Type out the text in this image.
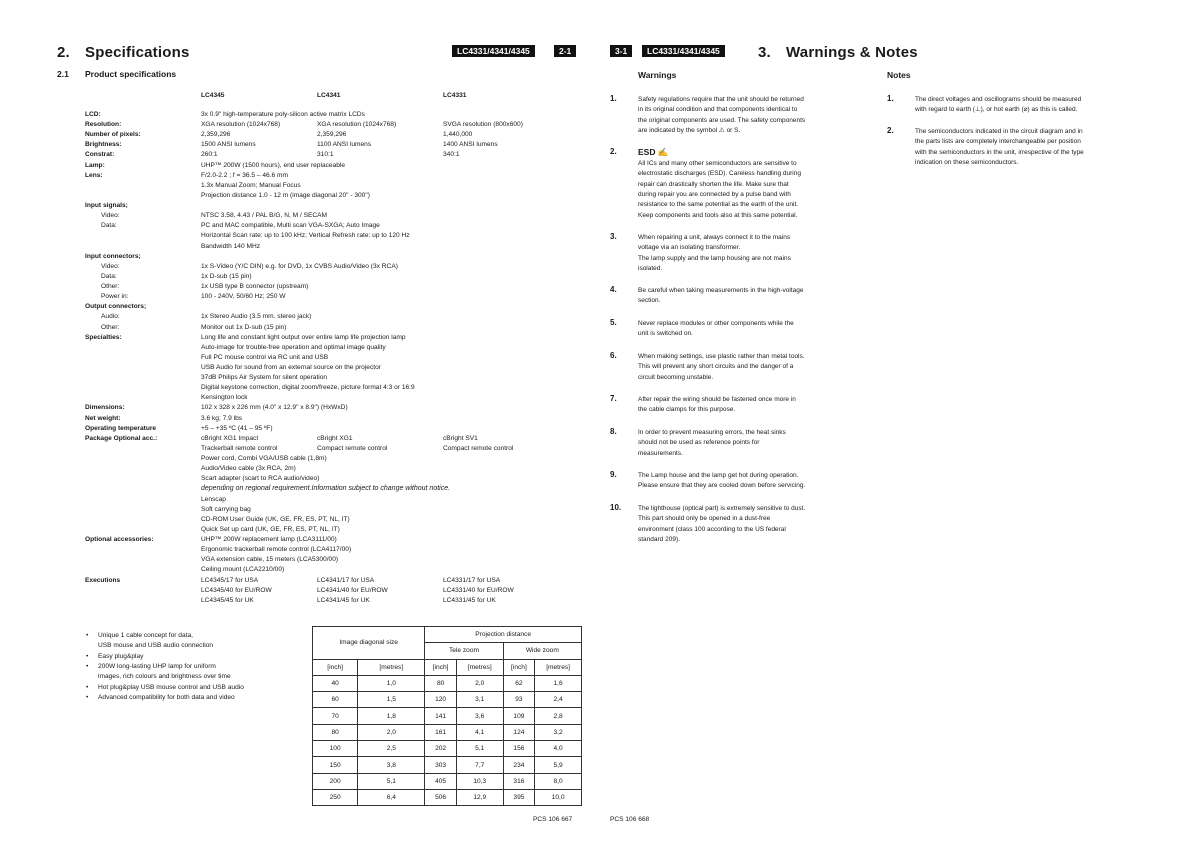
2. Specifications	LC4331/4341/4345	2-1
2.1 Product specifications
LC4345	LC4341	LC4331
LCD:	3x 0.9" high-temperature poly-silicon active matrix LCDs
Resolution:	XGA resolution (1024x768)	XGA resolution (1024x768)	SVGA resolution (800x600)
Number of pixels:	2,359,296	2,359,296	1,440,000
Brightness:	1500 ANSI lumens	1100 ANSI lumens	1400 ANSI lumens
Constrat:	260:1	310:1	340:1
Lamp:	UHP™ 200W (1500 hours), end user replaceable
Lens:	F/2.0-2.2 ; f = 36.5 – 46.6 mm
1.3x Manual Zoom; Manual Focus
Projection distance 1.0 - 12 m (image diagonal 20" - 300")
Input signals;
Video:	NTSC 3.58, 4.43 / PAL B/G, N, M / SECAM
Data:	PC and MAC compatible, Multi scan VGA-SXGA; Auto Image
Horizontal Scan rate: up to 100 kHz; Vertical Refresh rate: up to 120 Hz
Bandwidth 140 MHz
Input connectors;
Video:	1x S-Video (Y/C DIN) e.g. for DVD, 1x CVBS Audio/Video (3x RCA)
Data:	1x D-sub (15 pin)
Other:	1x USB type B connector (upstream)
Power in:	100 - 240V, 50/60 Hz; 250 W
Output connectors;
Audio:	1x Stereo Audio (3.5 mm. stereo jack)
Other:	Monitor out 1x D-sub (15 pin)
Specialties:	Long life and constant light output over entire lamp life projection lamp
Auto-image for trouble-free operation and optimal image quality
Full PC mouse control via RC unit and USB
USB Audio for sound from an external source on the projector
37dB Philips Air System for silent operation
Digital keystone correction, digital zoom/freeze, picture format 4:3 or 16:9
Kensington lock
Dimensions:	102 x 328 x 226 mm (4.0" x 12.9" x 8.9") (HxWxD)
Net weight:	3.6 kg; 7.9 lbs
Operating temperature	+5 – +35 ºC (41 – 95 ºF)
Package Optional acc.:	cBright XG1 Impact	cBright XG1	cBright SV1
Trackerball remote control	Compact remote control	Compact remote control
Power cord, Combi VGA/USB cable (1,8m)
Audio/Video cable (3x RCA, 2m)
Scart adapter (scart to RCA audio/video)
depending on regional requirement.Information subject to change without notice.
Lenscap
Soft carrying bag
CD-ROM User Guide (UK, GE, FR, ES, PT, NL, IT)
Quick Set up card (UK, GE, FR, ES, PT, NL, IT)
Optional accessories:	UHP™ 200W replacement lamp (LCA3111/00)
Ergonomic trackerball remote control (LCA4117/00)
VGA extension cable, 15 meters (LCA5300/00)
Ceiling mount (LCA2210/00)
Executions	LC4345/17 for USA	LC4341/17 for USA	LC4331/17 for USA
LC4345/40 for EU/ROW	LC4341/40 for EU/ROW	LC4331/40 for EU/ROW
LC4345/45 for UK	LC4341/45 for UK	LC4331/45 for UK
Unique 1 cable concept for data,
•
USB mouse and USB audio connection
Easy plug&play
•
200W long-lasting UHP lamp for uniform
•
images, rich colours and brightness over time
Hot plug&play USB mouse control and USB audio
•
Advanced compatibility for both data and video
•
Image diagonal size		Projection distance			
		Tele zoom		Wide zoom	
[inch]	[metres]	[inch]	[metres]	[inch]	[metres]
40	1,0	80	2,0	62	1,6
60	1,5	120	3,1	93	2,4
70	1,8	141	3,6	109	2,8
80	2,0	161	4,1	124	3,2
100	2,5	202	5,1	156	4,0
150	3,8	303	7,7	234	5,9
200	5,1	405	10,3	316	8,0
250	6,4	506	12,9	395	10,0
PCS 106 667
3-1	LC4331/4341/4345	3. Warnings & Notes
Warnings	Notes
1.	Safety regulations require that the unit should be returned
in its original condition and that components identical to
the original components are used. The safety components
are indicated by the symbol ⚠ or S.
2.	ESD ✍
All ICs and many other semiconductors are sensitive to
electrostatic discharges (ESD). Careless handling during
repair can drastically shorten the life. Make sure that
during repair you are connected by a pulse band with
resistance to the same potential as the earth of the unit.
Keep components and tools also at this same potential.
3.	When repairing a unit, always connect it to the mains
voltage via an isolating transformer.
The lamp supply and the lamp housing are not mains
isolated.
4.	Be careful when taking measurements in the high-voltage
section.
5.	Never replace modules or other components while the
unit is switched on.
6.	When making settings, use plastic rather than metal tools.
This will prevent any short circuits and the danger of a
circuit becoming unstable.
7.	After repair the wiring should be fastened once more in
the cable clamps for this purpose.
8.	In order to prevent measuring errors, the heat sinks
should not be used as reference points for
measurements.
9.	The Lamp house and the lamp get hot during operation.
Please ensure that they are cooled down before servicing.
10.	The lighthouse (optical part) is extremely sensitive to dust.
This part should only be opened in a dust-free
environment (class 100 according to the US federal
standard 209).
1.	The direct voltages and oscillograms should be measured
with regard to earth (⊥), or hot earth (⌀) as this is called.
2.	The semiconductors indicated in the circuit diagram and in
the parts lists are completely interchangeable per position
with the semiconductors in the unit, irrespective of the type
indication on these semiconductors.
PCS 106 668
